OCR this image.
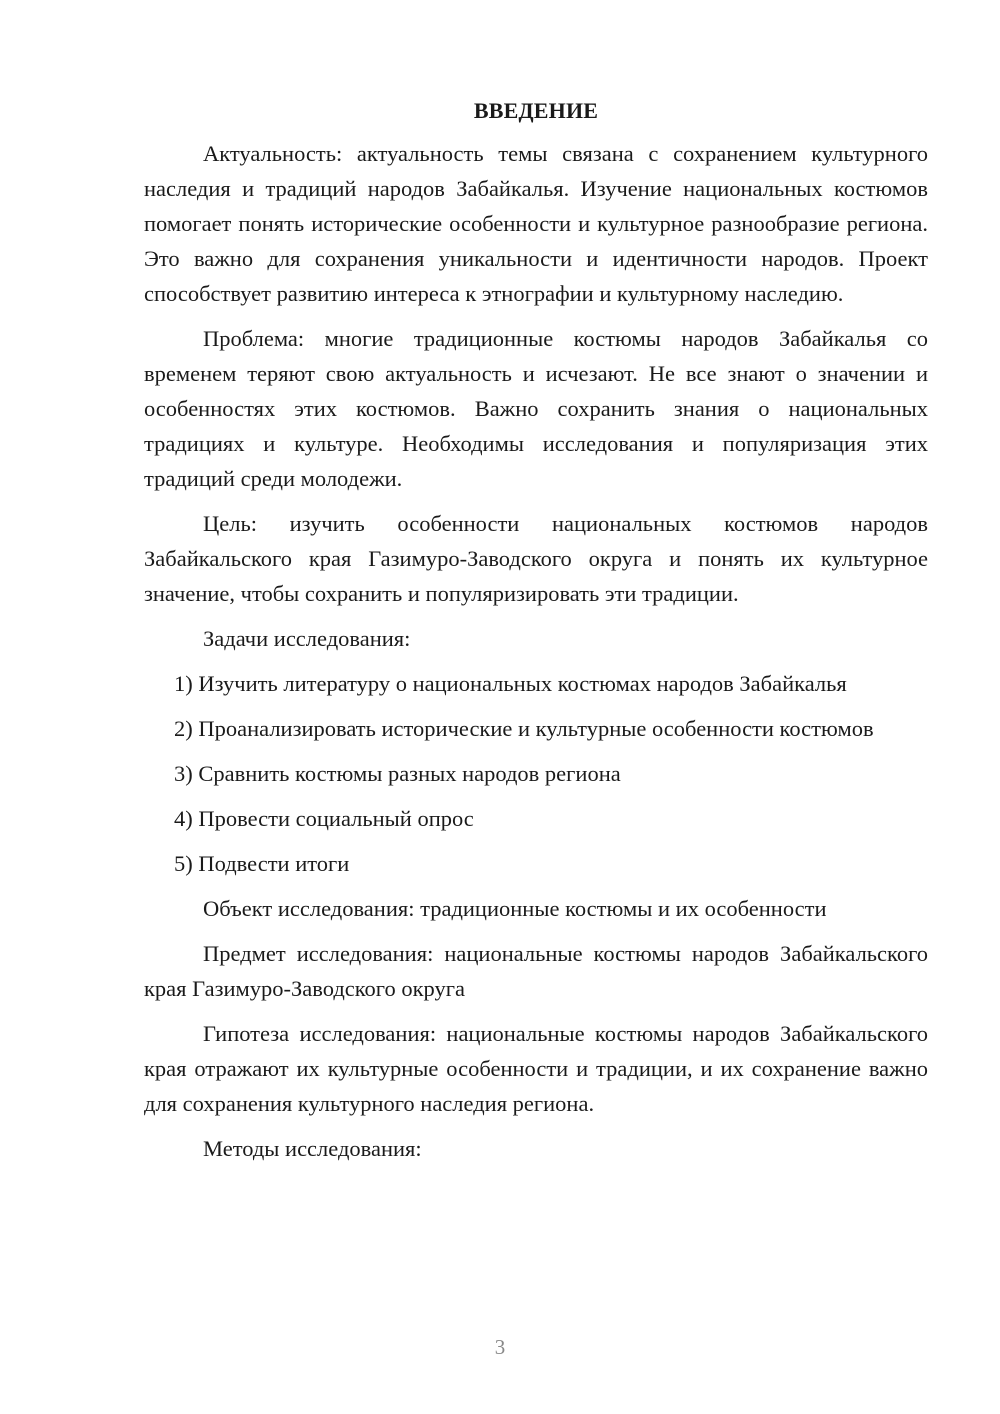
ВВЕДЕНИЕ

Актуальность: актуальность темы связана с сохранением культурного наследия и традиций народов Забайкалья. Изучение национальных костюмов помогает понять исторические особенности и культурное разнообразие региона. Это важно для сохранения уникальности и идентичности народов. Проект способствует развитию интереса к этнографии и культурному наследию.

Проблема: многие традиционные костюмы народов Забайкалья со временем теряют свою актуальность и исчезают. Не все знают о значении и особенностях этих костюмов. Важно сохранить знания о национальных традициях и культуре. Необходимы исследования и популяризация этих традиций среди молодежи.

Цель: изучить особенности национальных костюмов народов Забайкальского края Газимуро-Заводского округа и понять их культурное значение, чтобы сохранить и популяризировать эти традиции.

Задачи исследования:

1) Изучить литературу о национальных костюмах народов Забайкалья

2) Проанализировать исторические и культурные особенности костюмов

3) Сравнить костюмы разных народов региона

4) Провести социальный опрос

5) Подвести итоги

Объект исследования: традиционные костюмы и их особенности

Предмет исследования: национальные костюмы народов Забайкальского края Газимуро-Заводского округа

Гипотеза исследования: национальные костюмы народов Забайкальского края отражают их культурные особенности и традиции, и их сохранение важно для сохранения культурного наследия региона.

Методы исследования:

3
